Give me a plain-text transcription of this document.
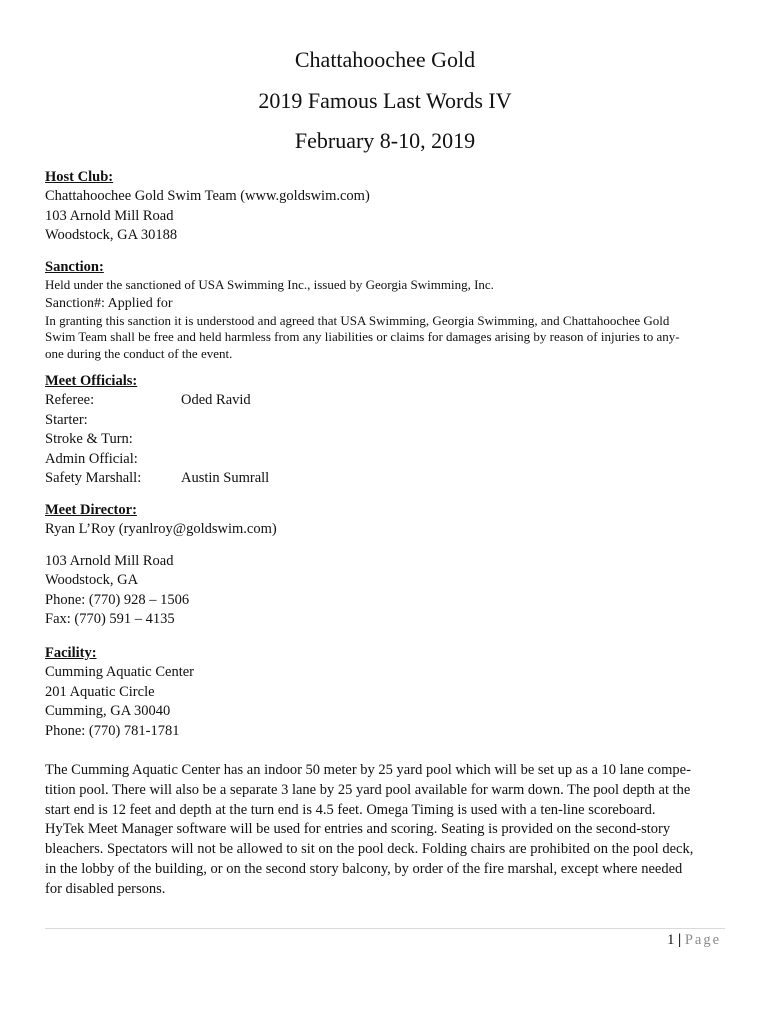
Chattahoochee Gold

2019 Famous Last Words IV

February 8-10, 2019

Host Club:

Chattahoochee Gold Swim Team (www.goldswim.com)

103 Arnold Mill Road

Woodstock, GA 30188

Sanction:

Held under the sanctioned of USA Swimming Inc., issued by Georgia Swimming, Inc.

Sanction#: Applied for

In granting this sanction it is understood and agreed that USA Swimming, Georgia Swimming, and Chattahoochee Gold

Swim Team shall be free and held harmless from any liabilities or claims for damages arising by reason of injuries to any-

one during the conduct of the event.

Meet Officials:

Referee:	Oded Ravid
Starter:
Stroke & Turn:
Admin Official:
Safety Marshall:	Austin Sumrall

Meet Director:

Ryan L’Roy (ryanlroy@goldswim.com)

103 Arnold Mill Road

Woodstock, GA

Phone: (770) 928 – 1506

Fax: (770) 591 – 4135

Facility:

Cumming Aquatic Center

201 Aquatic Circle

Cumming, GA 30040

Phone: (770) 781-1781

The Cumming Aquatic Center has an indoor 50 meter by 25 yard pool which will be set up as a 10 lane compe-

tition pool. There will also be a separate 3 lane by 25 yard pool available for warm down. The pool depth at the

start end is 12 feet and depth at the turn end is 4.5 feet. Omega Timing is used with a ten-line scoreboard.

HyTek Meet Manager software will be used for entries and scoring. Seating is provided on the second-story

bleachers. Spectators will not be allowed to sit on the pool deck. Folding chairs are prohibited on the pool deck,

in the lobby of the building, or on the second story balcony, by order of the fire marshal, except where needed

for disabled persons.

1 | Page
